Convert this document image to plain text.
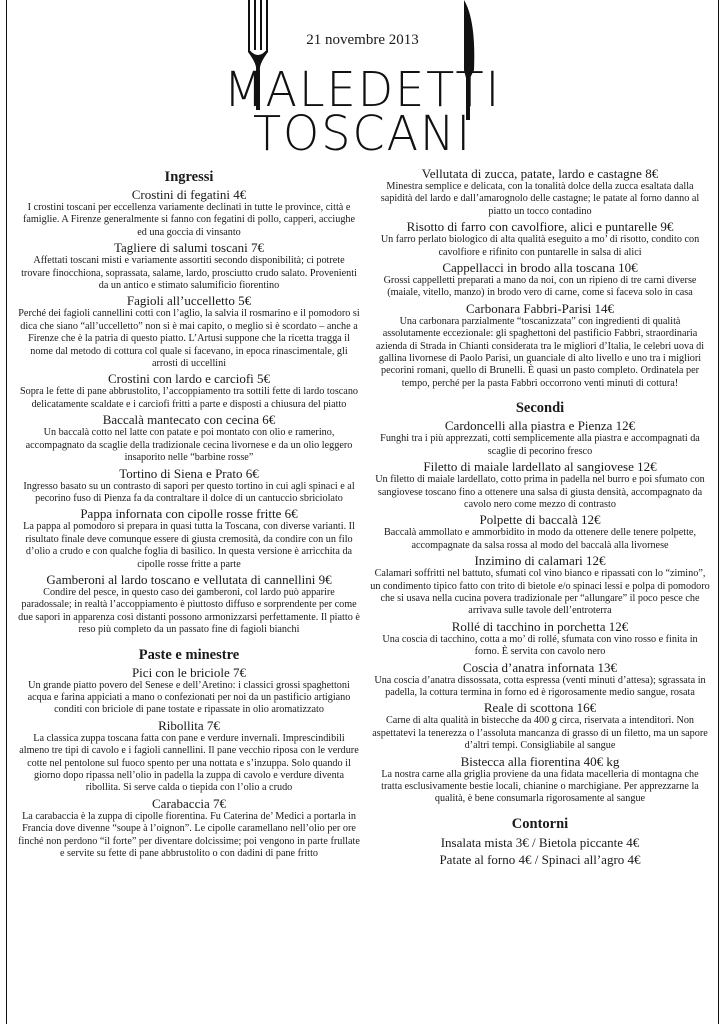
21 novembre 2013
MALEDETTI
TOSCANI
Ingressi
Crostini di fegatini 4€
I crostini toscani per eccellenza variamente declinati in tutte le province, città e famiglie. A Firenze generalmente si fanno con fegatini di pollo, capperi, acciughe ed una goccia di vinsanto
Tagliere di salumi toscani 7€
Affettati toscani misti e variamente assortiti secondo disponibilità; ci potrete trovare finocchiona, soprassata, salame, lardo, prosciutto crudo salato. Provenienti da un antico e stimato salumificio fiorentino
Fagioli all’uccelletto 5€
Perché dei fagioli cannellini cotti con l’aglio, la salvia il rosmarino e il pomodoro si dica che siano “all’uccelletto” non si è mai capito, o meglio si è scordato – anche a Firenze che è la patria di questo piatto. L’Artusi suppone che la ricetta tragga il nome dal metodo di cottura col quale si facevano, in epoca rinascimentale, gli arrosti di uccellini
Crostini con lardo e carciofi 5€
Sopra le fette di pane abbrustolito, l’accoppiamento tra sottili fette di lardo toscano delicatamente scaldate e i carciofi fritti a parte e disposti a chiusura del piatto
Baccalà mantecato con cecina 6€
Un baccalà cotto nel latte con patate e poi montato con olio e ramerino, accompagnato da scaglie della tradizionale cecina livornese e da un olio leggero insaporito nelle “barbine rosse”
Tortino di Siena e Prato 6€
Ingresso basato su un contrasto di sapori per questo tortino in cui agli spinaci e al pecorino fuso di Pienza fa da contraltare il dolce di un cantuccio sbriciolato
Pappa infornata con cipolle rosse fritte 6€
La pappa al pomodoro si prepara in quasi tutta la Toscana, con diverse varianti. Il risultato finale deve comunque essere di giusta cremosità, da condire con un filo d’olio a crudo e con qualche foglia di basilico. In questa versione è arricchita da cipolle rosse fritte a parte
Gamberoni al lardo toscano e vellutata di cannellini 9€
Condire del pesce, in questo caso dei gamberoni, col lardo può apparire paradossale; in realtà l’accoppiamento è piuttosto diffuso e sorprendente per come due sapori in apparenza così distanti possono armonizzarsi perfettamente. Il piatto è reso più completo da un passato fine di fagioli bianchi
Paste e minestre
Pici con le briciole 7€
Un grande piatto povero del Senese e dell’Aretino: i classici grossi spaghettoni acqua e farina appiciati a mano o confezionati per noi da un pastificio artigiano conditi con briciole di pane tostate e ripassate in olio aromatizzato
Ribollita 7€
La classica zuppa toscana fatta con pane e verdure invernali. Imprescindibili almeno tre tipi di cavolo e i fagioli cannellini. Il pane vecchio riposa con le verdure cotte nel pentolone sul fuoco spento per una nottata e s’inzuppa. Solo quando il giorno dopo ripassa nell’olio in padella la zuppa di cavolo e verdure diventa ribollita. Si serve calda o tiepida con l’olio a crudo
Carabaccia 7€
La carabaccia è la zuppa di cipolle fiorentina. Fu Caterina de’ Medici a portarla in Francia dove divenne “soupe à l’oignon”. Le cipolle caramellano nell’olio per ore finché non perdono “il forte” per diventare dolcissime; poi vengono in parte frullate e servite su fette di pane abbrustolito o con dadini di pane fritto
Vellutata di zucca, patate, lardo e castagne 8€
Minestra semplice e delicata, con la tonalità dolce della zucca esaltata dalla sapidità del lardo e dall’amarognolo delle castagne; le patate al forno danno al piatto un tocco contadino
Risotto di farro con cavolfiore, alici e puntarelle 9€
Un farro perlato biologico di alta qualità eseguito a mo’ di risotto, condito con cavolfiore e rifinito con puntarelle in salsa di alici
Cappellacci in brodo alla toscana 10€
Grossi cappelletti preparati a mano da noi, con un ripieno di tre carni diverse (maiale, vitello, manzo) in brodo vero di carne, come si faceva solo in casa
Carbonara Fabbri-Parisi 14€
Una carbonara parzialmente “toscanizzata” con ingredienti di qualità assolutamente eccezionale: gli spaghettoni del pastificio Fabbri, straordinaria azienda di Strada in Chianti considerata tra le migliori d’Italia, le celebri uova di gallina livornese di Paolo Parisi, un guanciale di alto livello e uno tra i migliori pecorini romani, quello di Brunelli. È quasi un pasto completo. Ordinatela per tempo, perché per la pasta Fabbri occorrono venti minuti di cottura!
Secondi
Cardoncelli alla piastra e Pienza 12€
Funghi tra i più apprezzati, cotti semplicemente alla piastra e accompagnati da scaglie di pecorino fresco
Filetto di maiale lardellato al sangiovese 12€
Un filetto di maiale lardellato, cotto prima in padella nel burro e poi sfumato con sangiovese toscano fino a ottenere una salsa di giusta densità, accompagnato da cavolo nero come mezzo di contrasto
Polpette di baccalà 12€
Baccalà ammollato e ammorbidito in modo da ottenere delle tenere polpette, accompagnate da salsa rossa al modo del baccalà alla livornese
Inzimino di calamari 12€
Calamari soffritti nel battuto, sfumati col vino bianco e ripassati con lo “zimino”, un condimento tipico fatto con trito di bietole e/o spinaci lessi e polpa di pomodoro che si usava nella cucina povera tradizionale per “allungare” il poco pesce che arrivava sulle tavole dell’entroterra
Rollé di tacchino in porchetta 12€
Una coscia di tacchino, cotta a mo’ di rollé, sfumata con vino rosso e finita in forno. È servita con cavolo nero
Coscia d’anatra infornata 13€
Una coscia d’anatra dissossata, cotta espressa (venti minuti d’attesa); sgrassata in padella, la cottura termina in forno ed è rigorosamente medio sangue, rosata
Reale di scottona 16€
Carne di alta qualità in bistecche da 400 g circa, riservata a intenditori. Non aspettatevi la tenerezza o l’assoluta mancanza di grasso di un filetto, ma un sapore d’altri tempi. Consigliabile al sangue
Bistecca alla fiorentina 40€ kg
La nostra carne alla griglia proviene da una fidata macelleria di montagna che tratta esclusivamente bestie locali, chianine o marchigiane. Per apprezzarne la qualità, è bene consumarla rigorosamente al sangue
Contorni
Insalata mista 3€ / Bietola piccante 4€
Patate al forno 4€ / Spinaci all’agro 4€
